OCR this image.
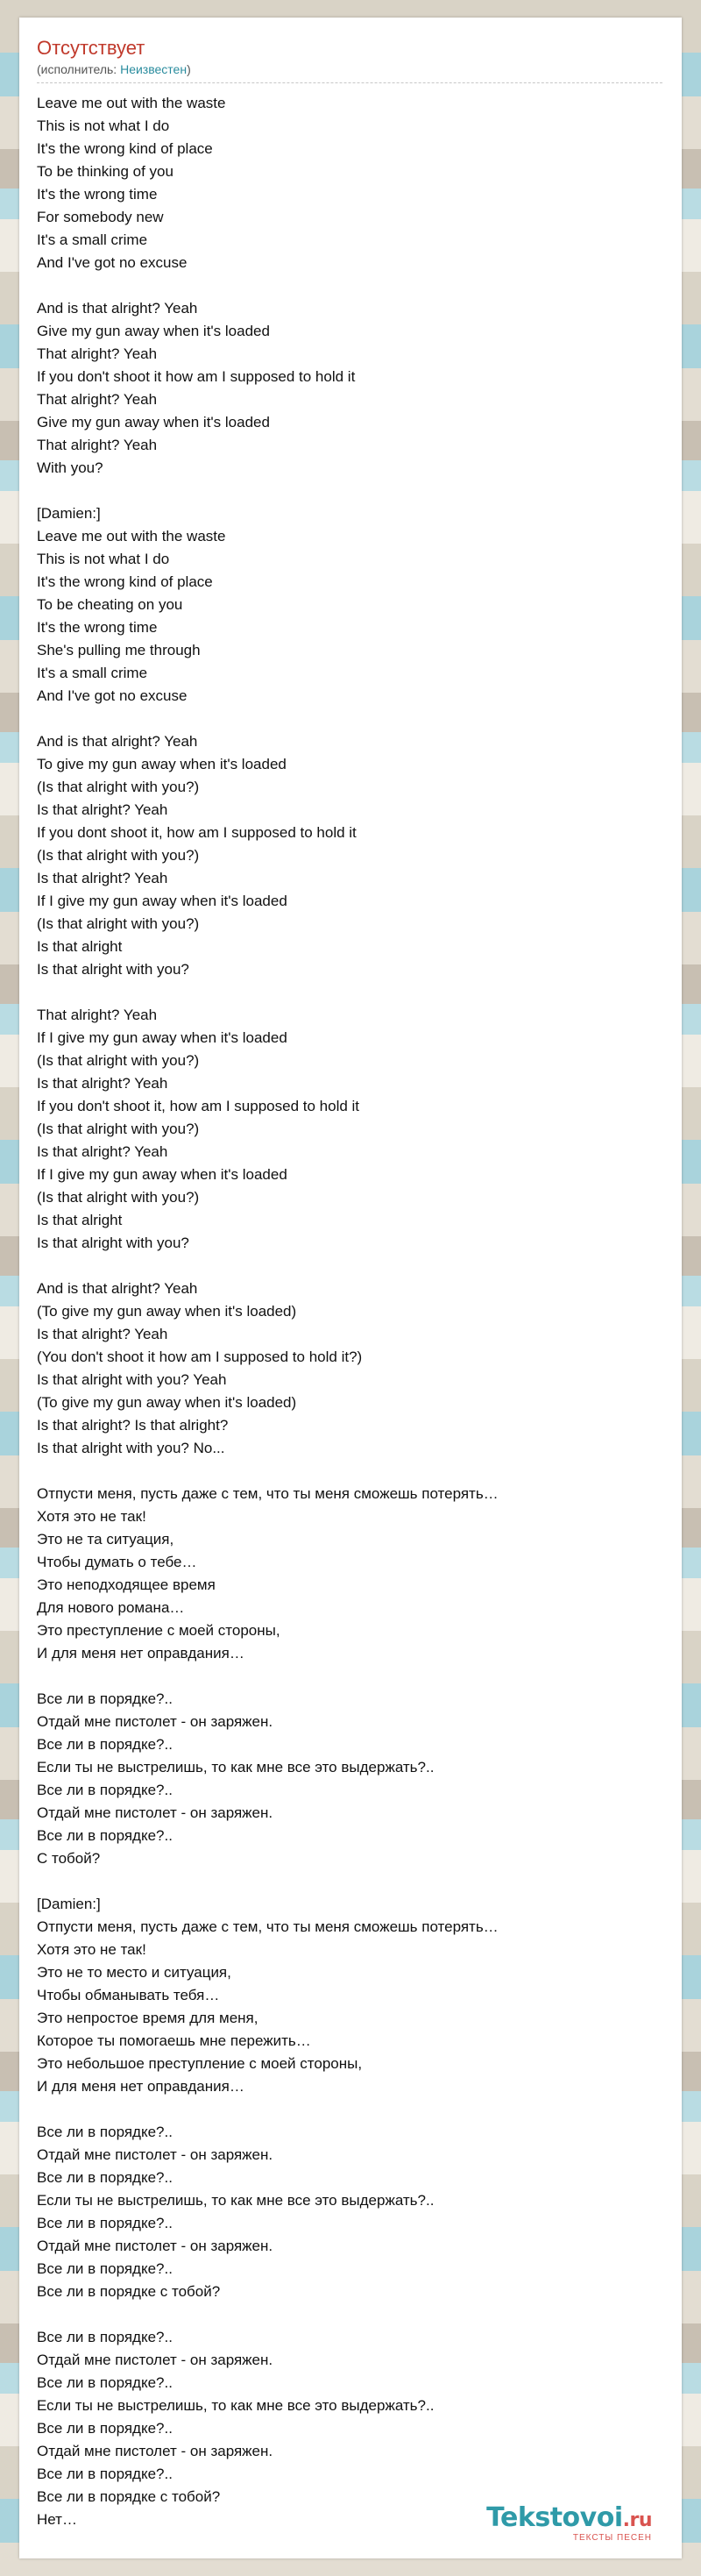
Отсутствует
(исполнитель: Неизвестен)
Leave me out with the waste
This is not what I do
It's the wrong kind of place
To be thinking of you
It's the wrong time
For somebody new
It's a small crime
And I've got no excuse

And is that alright? Yeah
Give my gun away when it's loaded
That alright? Yeah
If you don't shoot it how am I supposed to hold it
That alright? Yeah
Give my gun away when it's loaded
That alright? Yeah
With you?

[Damien:]
Leave me out with the waste
This is not what I do
It's the wrong kind of place
To be cheating on you
It's the wrong time
She's pulling me through
It's a small crime
And I've got no excuse

And is that alright? Yeah
To give my gun away when it's loaded
(Is that alright with you?)
Is that alright? Yeah
If you dont shoot it, how am I supposed to hold it
(Is that alright with you?)
Is that alright? Yeah
If I give my gun away when it's loaded
(Is that alright with you?)
Is that alright
Is that alright with you?

That alright? Yeah
If I give my gun away when it's loaded
(Is that alright with you?)
Is that alright? Yeah
If you don't shoot it, how am I supposed to hold it
(Is that alright with you?)
Is that alright? Yeah
If I give my gun away when it's loaded
(Is that alright with you?)
Is that alright
Is that alright with you?

And is that alright? Yeah
(To give my gun away when it's loaded)
Is that alright? Yeah
(You don't shoot it how am I supposed to hold it?)
Is that alright with you? Yeah
(To give my gun away when it's loaded)
Is that alright? Is that alright?
Is that alright with you? No...

Отпусти меня, пусть даже с тем, что ты меня сможешь потерять…
Хотя это не так!
Это не та ситуация,
Чтобы думать о тебе…
Это неподходящее время
Для нового романа…
Это преступление с моей стороны,
И для меня нет оправдания…

Все ли в порядке?..
Отдай мне пистолет - он заряжен.
Все ли в порядке?..
Если ты не выстрелишь, то как мне все это выдержать?..
Все ли в порядке?..
Отдай мне пистолет - он заряжен.
Все ли в порядке?..
С тобой?

[Damien:]
Отпусти меня, пусть даже с тем, что ты меня сможешь потерять…
Хотя это не так!
Это не то место и ситуация,
Чтобы обманывать тебя…
Это непростое время для меня,
Которое ты помогаешь мне пережить…
Это небольшое преступление с моей стороны,
И для меня нет оправдания…

Все ли в порядке?..
Отдай мне пистолет - он заряжен.
Все ли в порядке?..
Если ты не выстрелишь, то как мне все это выдержать?..
Все ли в порядке?..
Отдай мне пистолет - он заряжен.
Все ли в порядке?..
Все ли в порядке с тобой?

Все ли в порядке?..
Отдай мне пистолет - он заряжен.
Все ли в порядке?..
Если ты не выстрелишь, то как мне все это выдержать?..
Все ли в порядке?..
Отдай мне пистолет - он заряжен.
Все ли в порядке?..
Все ли в порядке с тобой?
Нет…	Tekstovoi.ru
ТЕКСТЫ ПЕСЕН
